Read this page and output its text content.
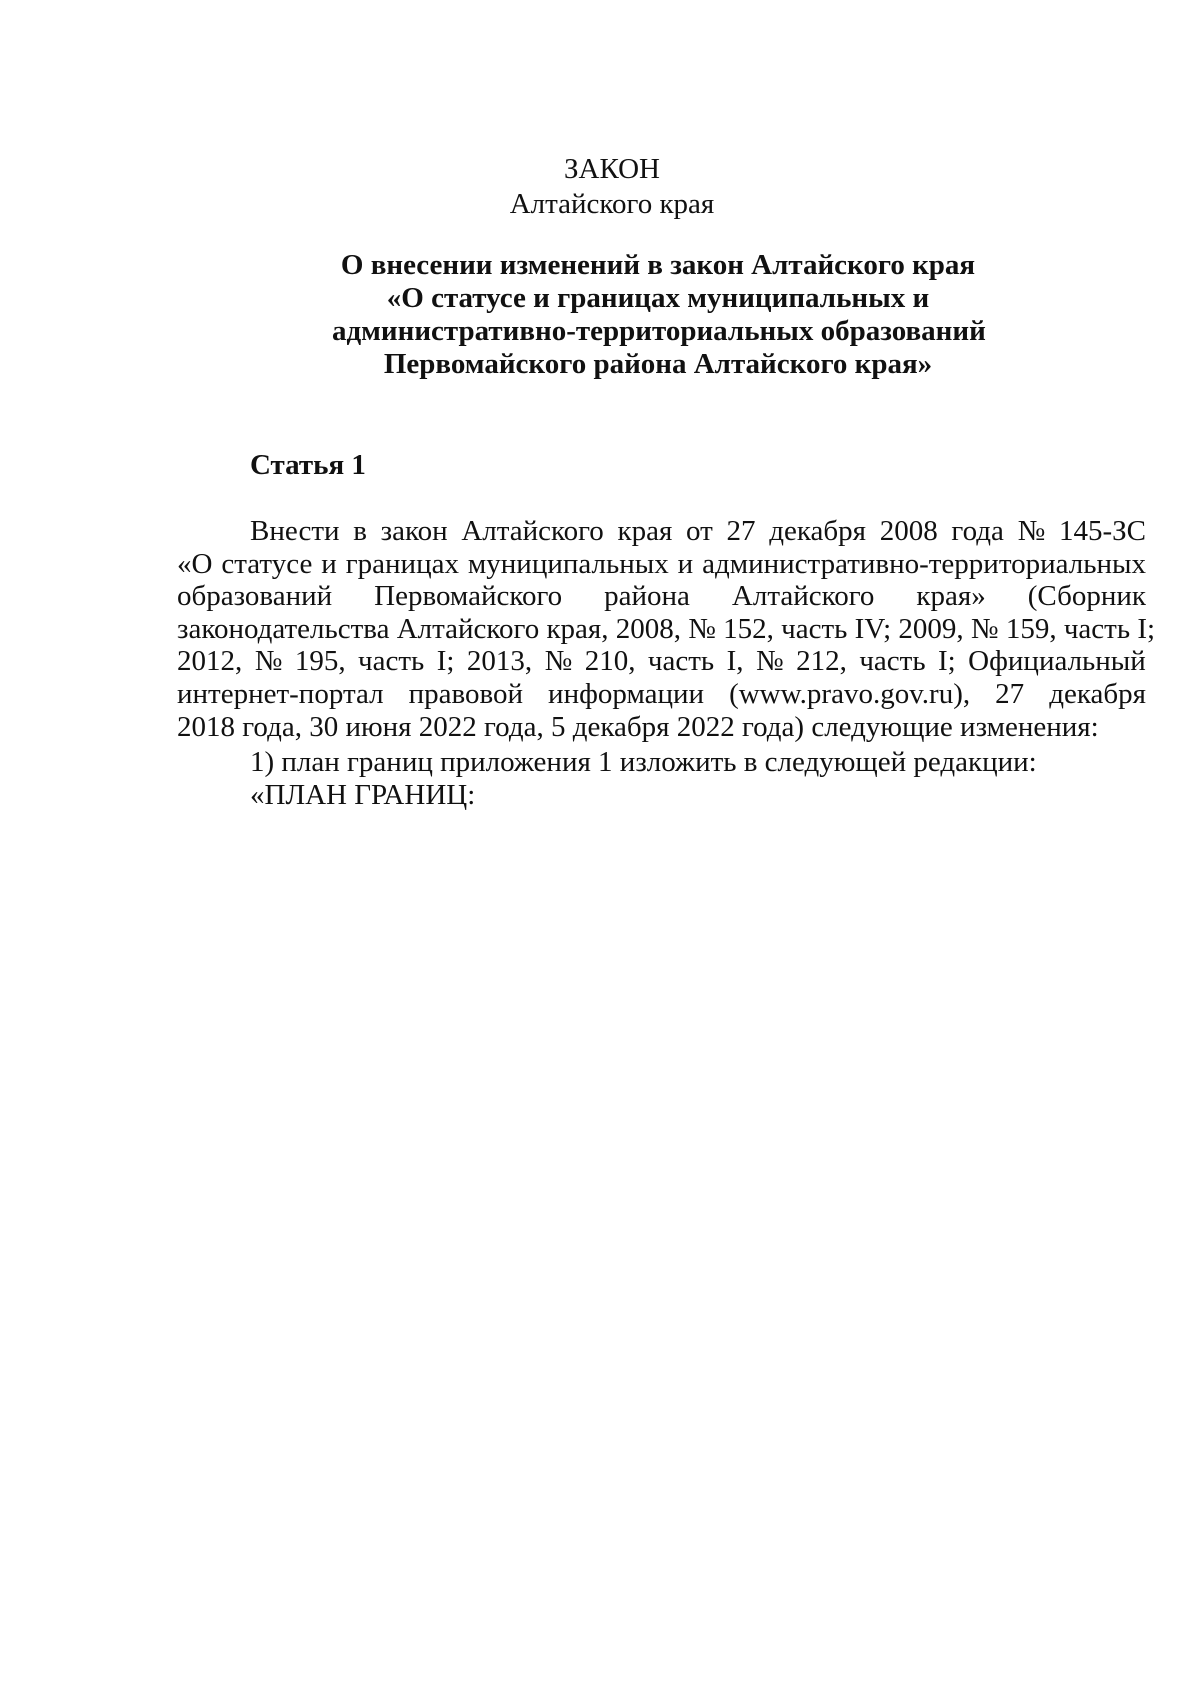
ЗАКОН
Алтайского края
О внесении изменений в закон Алтайского края
«О статусе и границах муниципальных и
административно-территориальных образований
Первомайского района Алтайского края»
Статья 1
Внести в закон Алтайского края от 27 декабря 2008 года № 145-ЗС
«О статусе и границах муниципальных и административно-территориальных
образований Первомайского района Алтайского края» (Сборник
законодательства Алтайского края, 2008, № 152, часть IV; 2009, № 159, часть I;
2012, № 195, часть I; 2013, № 210, часть I, № 212, часть I; Официальный
интернет-портал правовой информации (www.pravo.gov.ru), 27 декабря
2018 года, 30 июня 2022 года, 5 декабря 2022 года) следующие изменения:
1) план границ приложения 1 изложить в следующей редакции:
«ПЛАН ГРАНИЦ:
